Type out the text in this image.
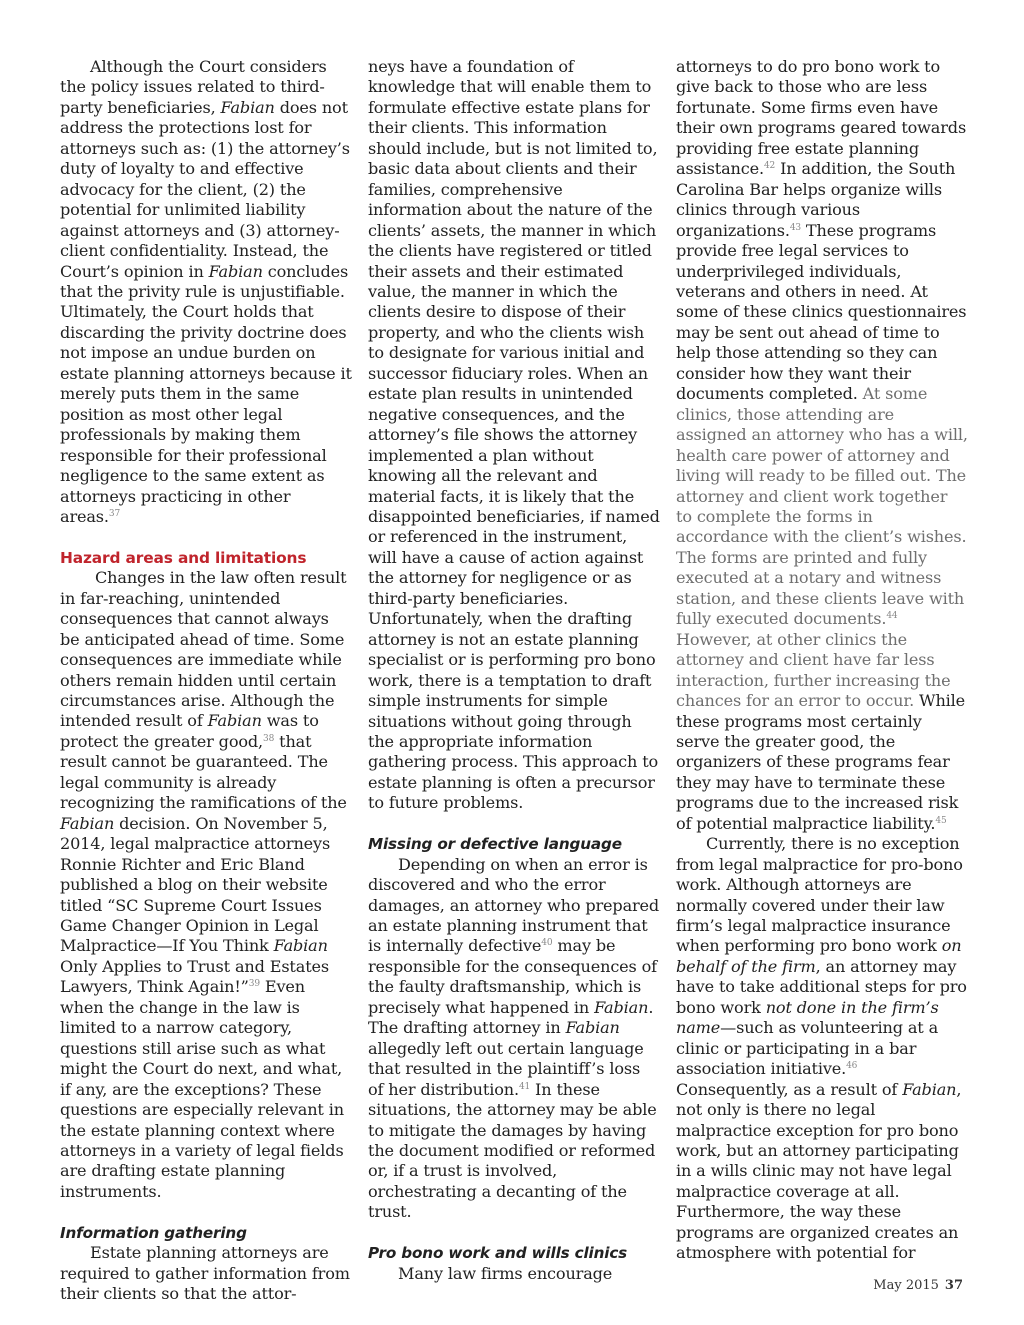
Although the Court considers the policy issues related to third-party beneficiaries, Fabian does not address the protections lost for attorneys such as: (1) the attorney’s duty of loyalty to and effective advocacy for the client, (2) the potential for unlimited liability against attorneys and (3) attorney-client confidentiality. Instead, the Court’s opinion in Fabian concludes that the privity rule is unjustifiable. Ultimately, the Court holds that discarding the privity doctrine does not impose an undue burden on estate planning attorneys because it merely puts them in the same position as most other legal professionals by making them responsible for their professional negligence to the same extent as attorneys practicing in other areas.$^{37}$

Hazard areas and limitations

Changes in the law often result in far-reaching, unintended consequences that cannot always be anticipated ahead of time. Some consequences are immediate while others remain hidden until certain circumstances arise. Although the intended result of Fabian was to protect the greater good,$^{38}$ that result cannot be guaranteed. The legal community is already recognizing the ramifications of the Fabian decision. On November 5, 2014, legal malpractice attorneys Ronnie Richter and Eric Bland published a blog on their website titled “SC Supreme Court Issues Game Changer Opinion in Legal Malpractice—If You Think Fabian Only Applies to Trust and Estates Lawyers, Think Again!”$^{39}$ Even when the change in the law is limited to a narrow category, questions still arise such as what might the Court do next, and what, if any, are the exceptions? These questions are especially relevant in the estate planning context where attorneys in a variety of legal fields are drafting estate planning instruments.

Information gathering

Estate planning attorneys are required to gather information from their clients so that the attor-

neys have a foundation of knowledge that will enable them to formulate effective estate plans for their clients. This information should include, but is not limited to, basic data about clients and their families, comprehensive information about the nature of the clients’ assets, the manner in which the clients have registered or titled their assets and their estimated value, the manner in which the clients desire to dispose of their property, and who the clients wish to designate for various initial and successor fiduciary roles. When an estate plan results in unintended negative consequences, and the attorney’s file shows the attorney implemented a plan without knowing all the relevant and material facts, it is likely that the disappointed beneficiaries, if named or referenced in the instrument, will have a cause of action against the attorney for negligence or as third-party beneficiaries. Unfortunately, when the drafting attorney is not an estate planning specialist or is performing pro bono work, there is a temptation to draft simple instruments for simple situations without going through the appropriate information gathering process. This approach to estate planning is often a precursor to future problems.

Missing or defective language

Depending on when an error is discovered and who the error damages, an attorney who prepared an estate planning instrument that is internally defective$^{40}$ may be responsible for the consequences of the faulty draftsmanship, which is precisely what happened in Fabian. The drafting attorney in Fabian allegedly left out certain language that resulted in the plaintiff’s loss of her distribution.$^{41}$ In these situations, the attorney may be able to mitigate the damages by having the document modified or reformed or, if a trust is involved, orchestrating a decanting of the trust.

Pro bono work and wills clinics

Many law firms encourage

attorneys to do pro bono work to give back to those who are less fortunate. Some firms even have their own programs geared towards providing free estate planning assistance.$^{42}$ In addition, the South Carolina Bar helps organize wills clinics through various organizations.$^{43}$ These programs provide free legal services to underprivileged individuals, veterans and others in need. At some of these clinics questionnaires may be sent out ahead of time to help those attending so they can consider how they want their documents completed. At some clinics, those attending are assigned an attorney who has a will, health care power of attorney and living will ready to be filled out. The attorney and client work together to complete the forms in accordance with the client’s wishes. The forms are printed and fully executed at a notary and witness station, and these clients leave with fully executed documents.$^{44}$ However, at other clinics the attorney and client have far less interaction, further increasing the chances for an error to occur. While these programs most certainly serve the greater good, the organizers of these programs fear they may have to terminate these programs due to the increased risk of potential malpractice liability.$^{45}$

Currently, there is no exception from legal malpractice for pro-bono work. Although attorneys are normally covered under their law firm’s legal malpractice insurance when performing pro bono work on behalf of the firm, an attorney may have to take additional steps for pro bono work not done in the firm’s name—such as volunteering at a clinic or participating in a bar association initiative.$^{46}$ Consequently, as a result of Fabian, not only is there no legal malpractice exception for pro bono work, but an attorney participating in a wills clinic may not have legal malpractice coverage at all. Furthermore, the way these programs are organized creates an atmosphere with potential for

May 2015 37
